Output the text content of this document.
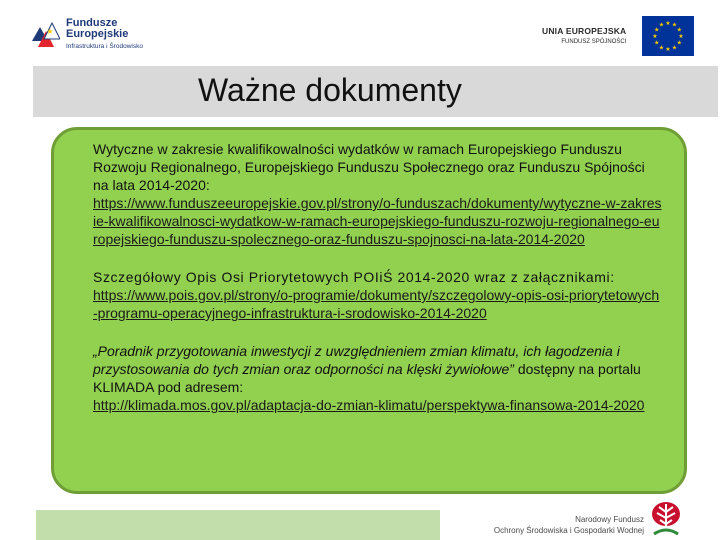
★
Fundusze
Europejskie
Infrastruktura i Środowisko
UNIA EUROPEJSKA
FUNDUSZ SPÓJNOŚCI
★ ★
★
★
★
★
★
★
★
★
★
★
Ważne dokumenty
Wytyczne w zakresie kwalifikowalności wydatków w ramach Europejskiego Funduszu Rozwoju Regionalnego, Europejskiego Funduszu Społecznego oraz Funduszu Spójności na lata 2014-2020:
https://www.funduszeeuropejskie.gov.pl/strony/o-funduszach/dokumenty/wytyczne-w-zakresie-kwalifikowalnosci-wydatkow-w-ramach-europejskiego-funduszu-rozwoju-regionalnego-europejskiego-funduszu-spolecznego-oraz-funduszu-spojnosci-na-lata-2014-2020
Szczegółowy Opis Osi Priorytetowych POIiŚ 2014-2020 wraz z załącznikami:
https://www.pois.gov.pl/strony/o-programie/dokumenty/szczegolowy-opis-osi-priorytetowych-programu-operacyjnego-infrastruktura-i-srodowisko-2014-2020
„Poradnik przygotowania inwestycji z uwzględnieniem zmian klimatu, ich łagodzenia i przystosowania do tych zmian oraz odporności na klęski żywiołowe” dostępny na portalu KLIMADA pod adresem:
http://klimada.mos.gov.pl/adaptacja-do-zmian-klimatu/perspektywa-finansowa-2014-2020
Narodowy Fundusz
Ochrony Środowiska i Gospodarki Wodnej
